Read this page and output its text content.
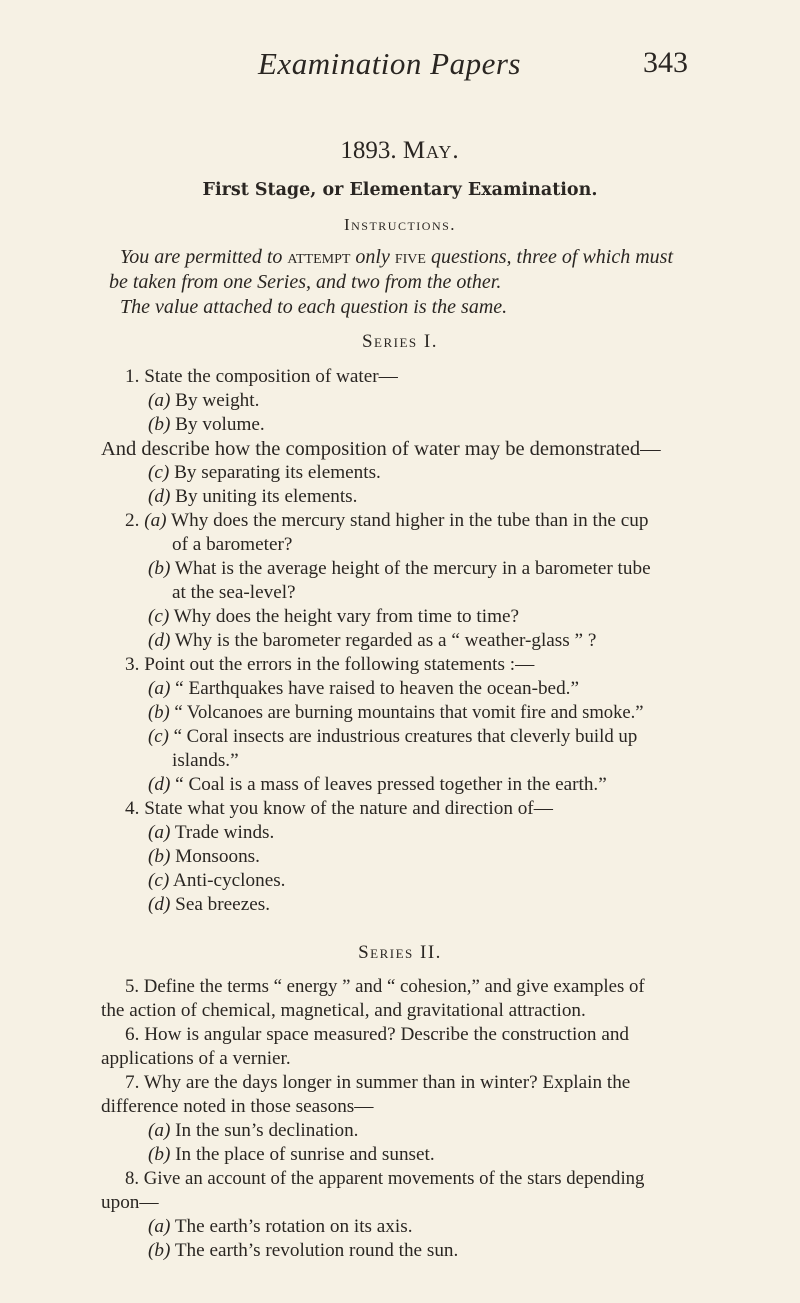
Examination Papers	343
1893. May.
First Stage, or Elementary Examination.
Instructions.
You are permitted to attempt only five questions, three of which must
be taken from one Series, and two from the other.
The value attached to each question is the same.
Series I.
1. State the composition of water—
(a) By weight.
(b) By volume.
And describe how the composition of water may be demonstrated—
(c) By separating its elements.
(d) By uniting its elements.
2. (a) Why does the mercury stand higher in the tube than in the cup
of a barometer?
(b) What is the average height of the mercury in a barometer tube
at the sea-level?
(c) Why does the height vary from time to time?
(d) Why is the barometer regarded as a “ weather-glass ” ?
3. Point out the errors in the following statements :—
(a) “ Earthquakes have raised to heaven the ocean-bed.”
(b) “ Volcanoes are burning mountains that vomit fire and smoke.”
(c) “ Coral insects are industrious creatures that cleverly build up
islands.”
(d) “ Coal is a mass of leaves pressed together in the earth.”
4. State what you know of the nature and direction of—
(a) Trade winds.
(b) Monsoons.
(c) Anti-cyclones.
(d) Sea breezes.
Series II.
5. Define the terms “ energy ” and “ cohesion,” and give examples of
the action of chemical, magnetical, and gravitational attraction.
6. How is angular space measured? Describe the construction and
applications of a vernier.
7. Why are the days longer in summer than in winter? Explain the
difference noted in those seasons—
(a) In the sun’s declination.
(b) In the place of sunrise and sunset.
8. Give an account of the apparent movements of the stars depending
upon—
(a) The earth’s rotation on its axis.
(b) The earth’s revolution round the sun.
